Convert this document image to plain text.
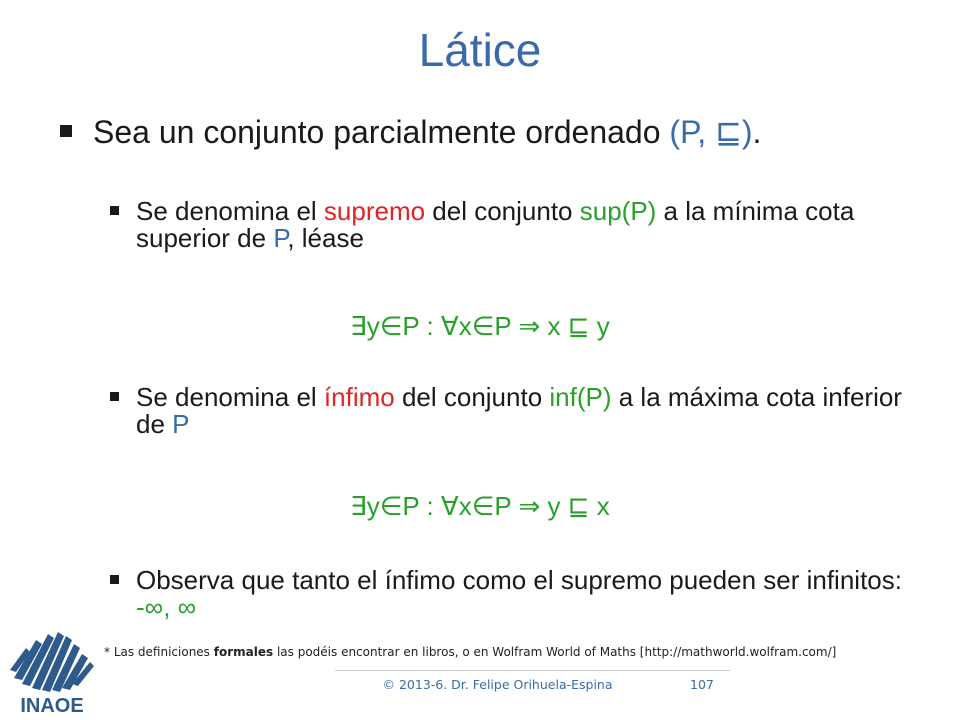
Látice
Sea un conjunto parcialmente ordenado (P, ⊑).
Se denomina el supremo del conjunto sup(P) a la mínima cota superior de P, léase
∃y∈P : ∀x∈P ⇒ x ⊑ y
Se denomina el ínfimo del conjunto inf(P) a la máxima cota inferior de P
∃y∈P : ∀x∈P ⇒ y ⊑ x
Observa que tanto el ínfimo como el supremo pueden ser infinitos: -∞, ∞
INAOE
* Las definiciones formales las podéis encontrar en libros, o en Wolfram World of Maths [http://mathworld.wolfram.com/]
© 2013-6. Dr. Felipe Orihuela-Espina	107
